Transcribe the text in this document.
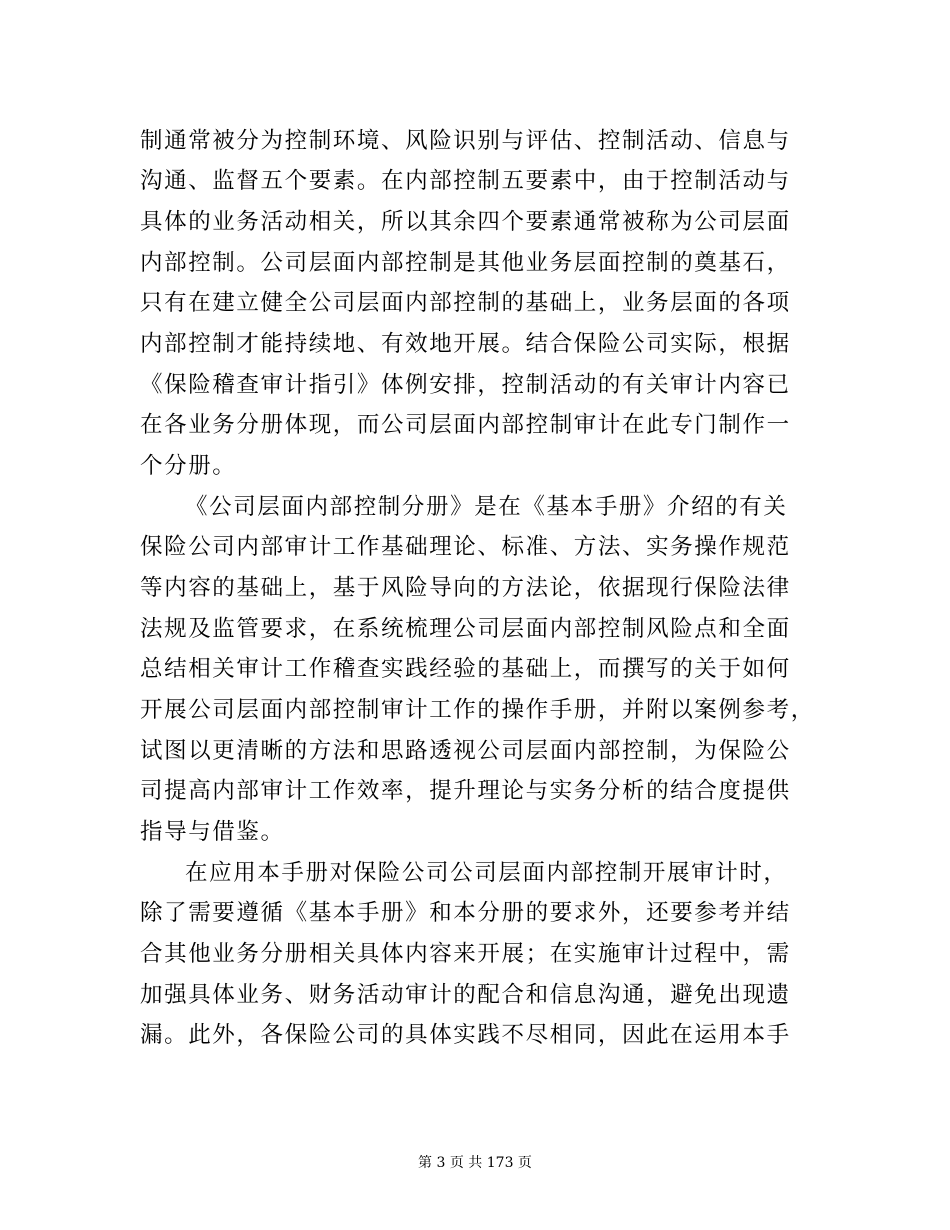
制通常被分为控制环境、风险识别与评估、控制活动、信息与
沟通、监督五个要素。在内部控制五要素中，由于控制活动与
具体的业务活动相关，所以其余四个要素通常被称为公司层面
内部控制。公司层面内部控制是其他业务层面控制的奠基石，
只有在建立健全公司层面内部控制的基础上，业务层面的各项
内部控制才能持续地、有效地开展。结合保险公司实际，根据
《保险稽查审计指引》体例安排，控制活动的有关审计内容已
在各业务分册体现，而公司层面内部控制审计在此专门制作一
个分册。
《公司层面内部控制分册》是在《基本手册》介绍的有关
保险公司内部审计工作基础理论、标准、方法、实务操作规范
等内容的基础上，基于风险导向的方法论，依据现行保险法律
法规及监管要求，在系统梳理公司层面内部控制风险点和全面
总结相关审计工作稽查实践经验的基础上，而撰写的关于如何
开展公司层面内部控制审计工作的操作手册，并附以案例参考，
试图以更清晰的方法和思路透视公司层面内部控制，为保险公
司提高内部审计工作效率，提升理论与实务分析的结合度提供
指导与借鉴。
在应用本手册对保险公司公司层面内部控制开展审计时，
除了需要遵循《基本手册》和本分册的要求外，还要参考并结
合其他业务分册相关具体内容来开展；在实施审计过程中，需
加强具体业务、财务活动审计的配合和信息沟通，避免出现遗
漏。此外，各保险公司的具体实践不尽相同，因此在运用本手
第 3 页 共 173 页
